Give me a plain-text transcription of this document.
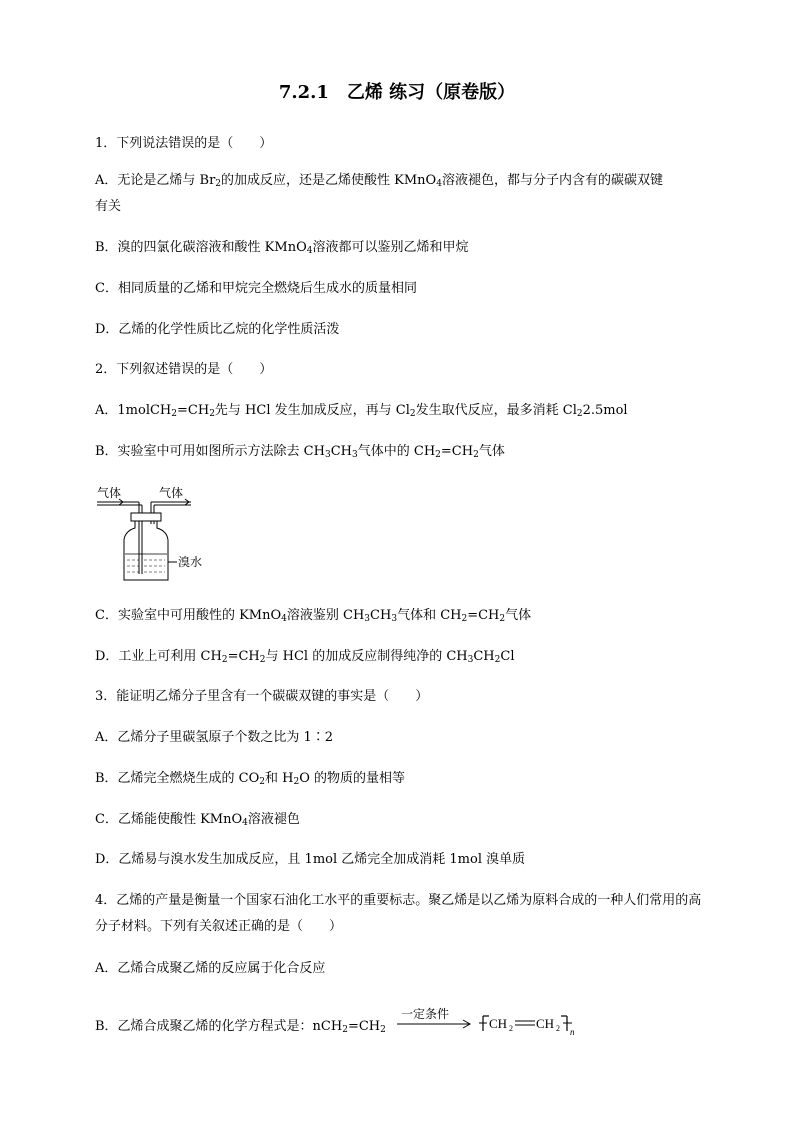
7.2.1　乙烯 练习（原卷版）
1．下列说法错误的是（　　）
A．无论是乙烯与 $Br_2$的加成反应，还是乙烯使酸性 KMnO$_4$溶液褪色，都与分子内含有的碳碳双键
有关
B．溴的四氯化碳溶液和酸性 KMnO$_4$溶液都可以鉴别乙烯和甲烷
C．相同质量的乙烯和甲烷完全燃烧后生成水的质量相同
D．乙烯的化学性质比乙烷的化学性质活泼
2．下列叙述错误的是（　　）
A．$1molCH_2=CH_2$先与 HCl 发生加成反应，再与 $Cl_2$发生取代反应，最多消耗 $Cl_22.5mol$
B．实验室中可用如图所示方法除去 $CH_3CH_3$气体中的 $CH_2=CH_2$气体
气体	气体
溴水
C．实验室中可用酸性的 KMnO$_4$溶液鉴别 $CH_3CH_3$气体和 $CH_2=CH_2$气体
D．工业上可利用 $CH_2=CH_2$与 HCl 的加成反应制得纯净的 $CH_3CH_2Cl$
3．能证明乙烯分子里含有一个碳碳双键的事实是（　　）
A．乙烯分子里碳氢原子个数之比为 1∶2
B．乙烯完全燃烧生成的 $CO_2$和 $H_2O$ 的物质的量相等
C．乙烯能使酸性 KMnO$_4$溶液褪色
D．乙烯易与溴水发生加成反应，且 1mol 乙烯完全加成消耗 1mol 溴单质
4．乙烯的产量是衡量一个国家石油化工水平的重要标志。聚乙烯是以乙烯为原料合成的一种人们常用的高分子材料。下列有关叙述正确的是（　　）
A．乙烯合成聚乙烯的反应属于化合反应
B．乙烯合成聚乙烯的化学方程式是：$nCH_2=CH_2$
一定条件
CH 2 CH 2 n
